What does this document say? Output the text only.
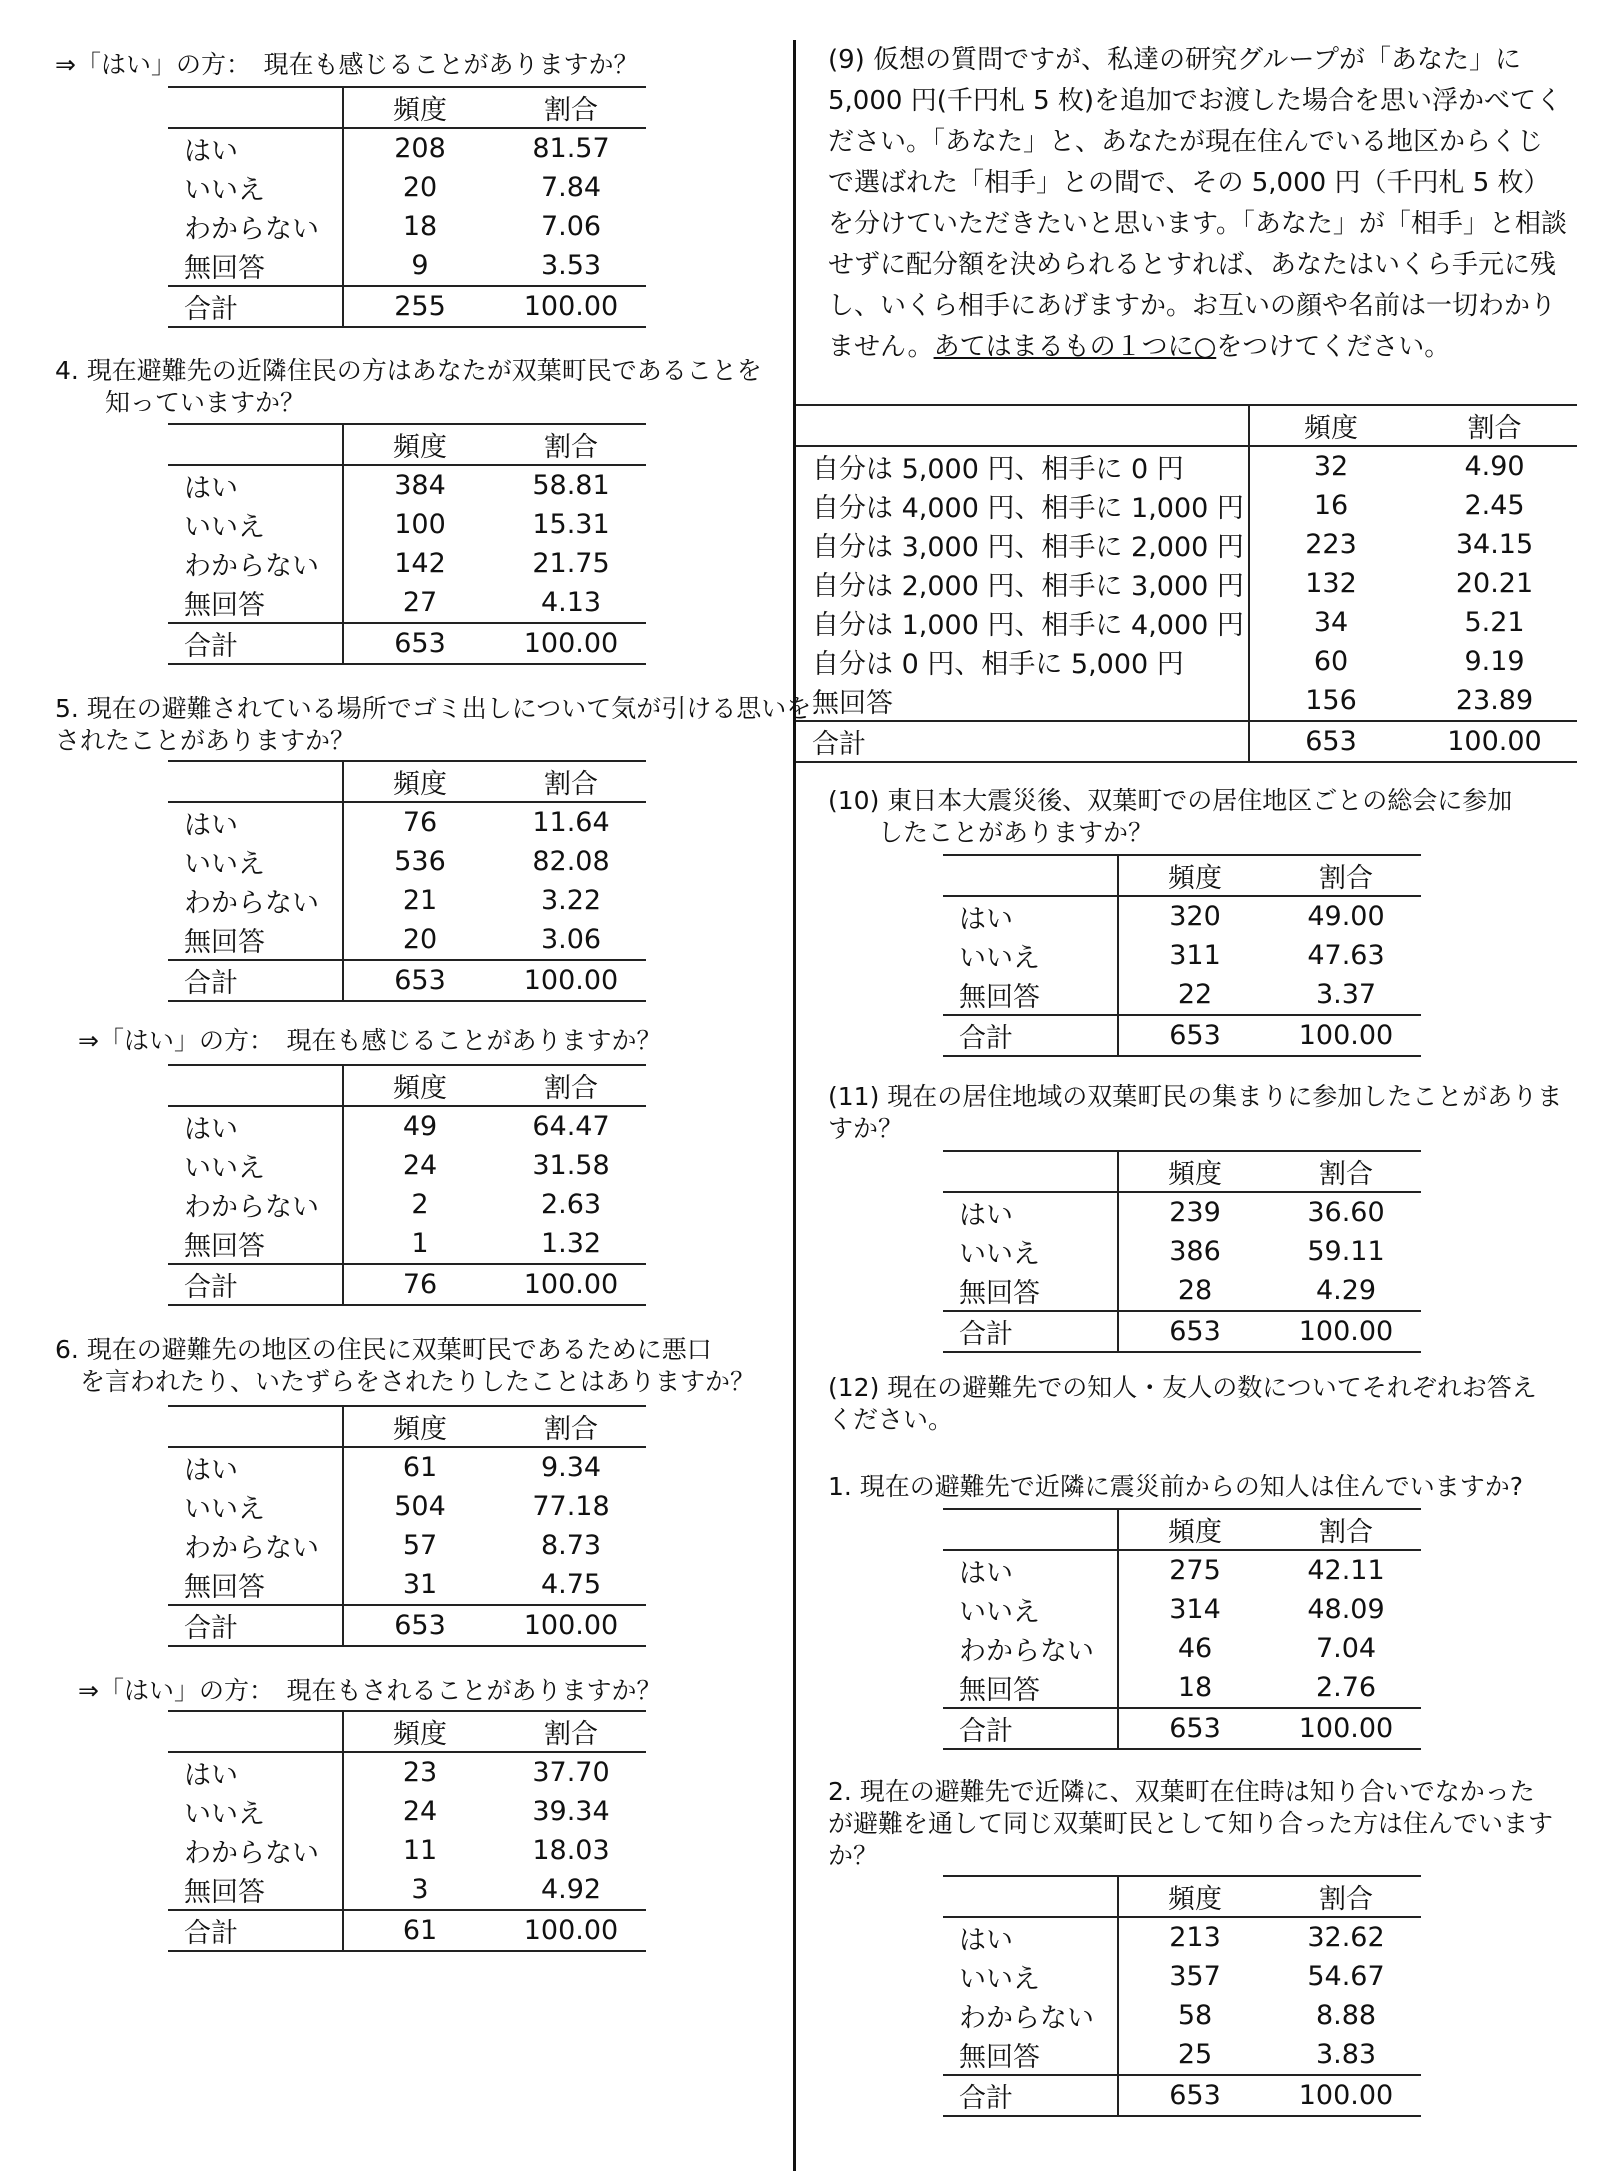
⇒「はい」の方：　現在も感じることがありますか？

	頻度	割合
はい	208	81.57
いいえ	20	7.84
わからない	18	7.06
無回答	9	3.53
合計	255	100.00

4. 現在避難先の近隣住民の方はあなたが双葉町民であることを

　　知っていますか？

	頻度	割合
はい	384	58.81
いいえ	100	15.31
わからない	142	21.75
無回答	27	4.13
合計	653	100.00

5. 現在の避難されている場所でゴミ出しについて気が引ける思いを

されたことがありますか？

	頻度	割合
はい	76	11.64
いいえ	536	82.08
わからない	21	3.22
無回答	20	3.06
合計	653	100.00

⇒「はい」の方：　現在も感じることがありますか？

	頻度	割合
はい	49	64.47
いいえ	24	31.58
わからない	2	2.63
無回答	1	1.32
合計	76	100.00

6. 現在の避難先の地区の住民に双葉町民であるために悪口

　を言われたり、いたずらをされたりしたことはありますか？

	頻度	割合
はい	61	9.34
いいえ	504	77.18
わからない	57	8.73
無回答	31	4.75
合計	653	100.00

⇒「はい」の方：　現在もされることがありますか？

	頻度	割合
はい	23	37.70
いいえ	24	39.34
わからない	11	18.03
無回答	3	4.92
合計	61	100.00

(9) 仮想の質問ですが、私達の研究グループが「あなた」に 5,000 円(千円札 5 枚)を追加でお渡した場合を思い浮かべてください。「あなた」と、あなたが現在住んでいる地区からくじで選ばれた「相手」との間で、その 5,000 円（千円札 5 枚）を分けていただきたいと思います。「あなた」が「相手」と相談せずに配分額を決められるとすれば、あなたはいくら手元に残し、いくら相手にあげますか。お互いの顔や名前は一切わかりません。あてはまるもの１つに○をつけてください。

	頻度	割合
自分は 5,000 円、相手に 0 円	32	4.90
自分は 4,000 円、相手に 1,000 円	16	2.45
自分は 3,000 円、相手に 2,000 円	223	34.15
自分は 2,000 円、相手に 3,000 円	132	20.21
自分は 1,000 円、相手に 4,000 円	34	5.21
自分は 0 円、相手に 5,000 円	60	9.19
無回答	156	23.89
合計	653	100.00

(10) 東日本大震災後、双葉町での居住地区ごとの総会に参加

　　したことがありますか？

	頻度	割合
はい	320	49.00
いいえ	311	47.63
無回答	22	3.37
合計	653	100.00

(11) 現在の居住地域の双葉町民の集まりに参加したことがありま

すか？

	頻度	割合
はい	239	36.60
いいえ	386	59.11
無回答	28	4.29
合計	653	100.00

(12) 現在の避難先での知人・友人の数についてそれぞれお答え

ください。

1. 現在の避難先で近隣に震災前からの知人は住んでいますか?

	頻度	割合
はい	275	42.11
いいえ	314	48.09
わからない	46	7.04
無回答	18	2.76
合計	653	100.00

2. 現在の避難先で近隣に、双葉町在住時は知り合いでなかった

が避難を通して同じ双葉町民として知り合った方は住んでいます

か？

	頻度	割合
はい	213	32.62
いいえ	357	54.67
わからない	58	8.88
無回答	25	3.83
合計	653	100.00
